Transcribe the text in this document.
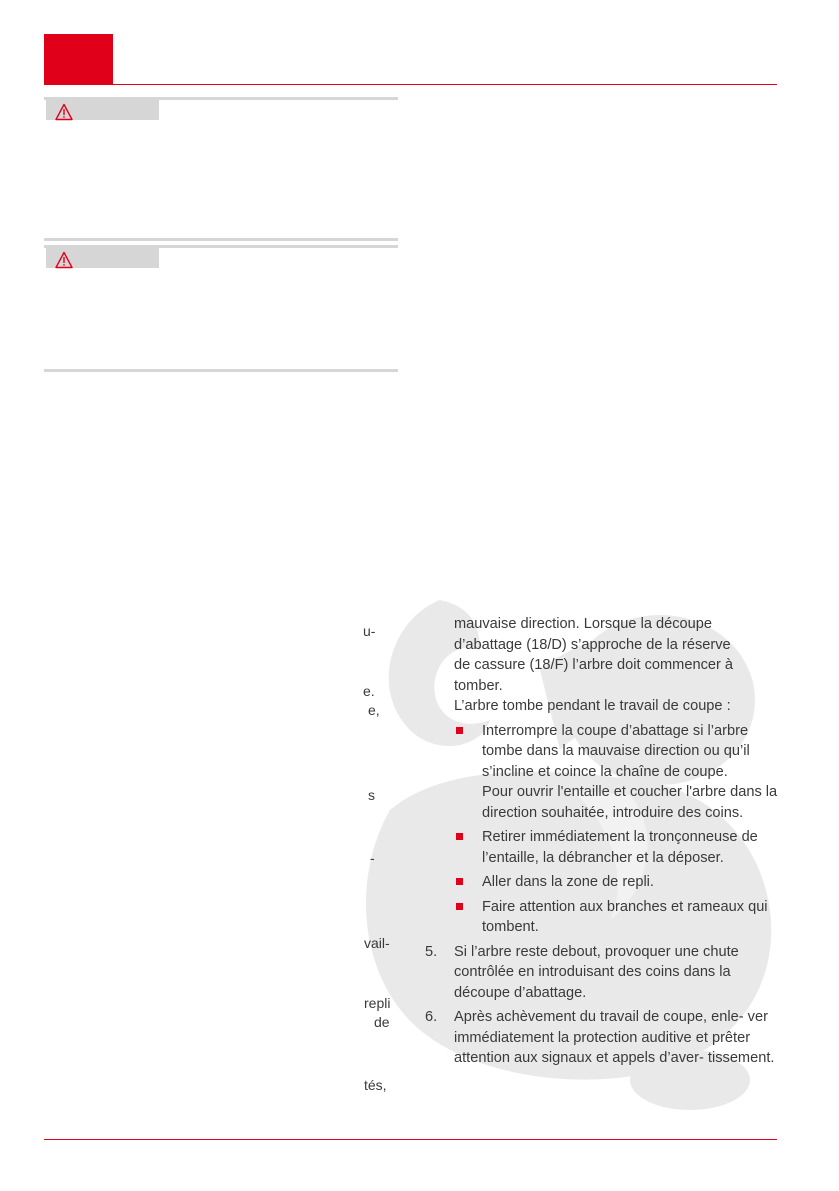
u-
e.
e,
s
-
vail-
repli
de
tés,

mauvaise direction. Lorsque la découpe

d’abattage (18/D) s’approche de la réserve

de cassure (18/F) l’arbre doit commencer à

tomber.

L’arbre tombe pendant le travail de coupe :

Interrompre la coupe d’abattage si l’arbre tombe dans la mauvaise direction ou qu’il s’incline et coince la chaîne de coupe.

Pour ouvrir l'entaille et coucher l'arbre dans la direction souhaitée, introduire des coins.

Retirer immédiatement la tronçonneuse de l’entaille, la débrancher et la déposer.

Aller dans la zone de repli.

Faire attention aux branches et rameaux qui tombent.

5. Si l’arbre reste debout, provoquer une chute contrôlée en introduisant des coins dans la découpe d’abattage.

6. Après achèvement du travail de coupe, enle- ver immédiatement la protection auditive et prêter attention aux signaux et appels d’aver- tissement.
